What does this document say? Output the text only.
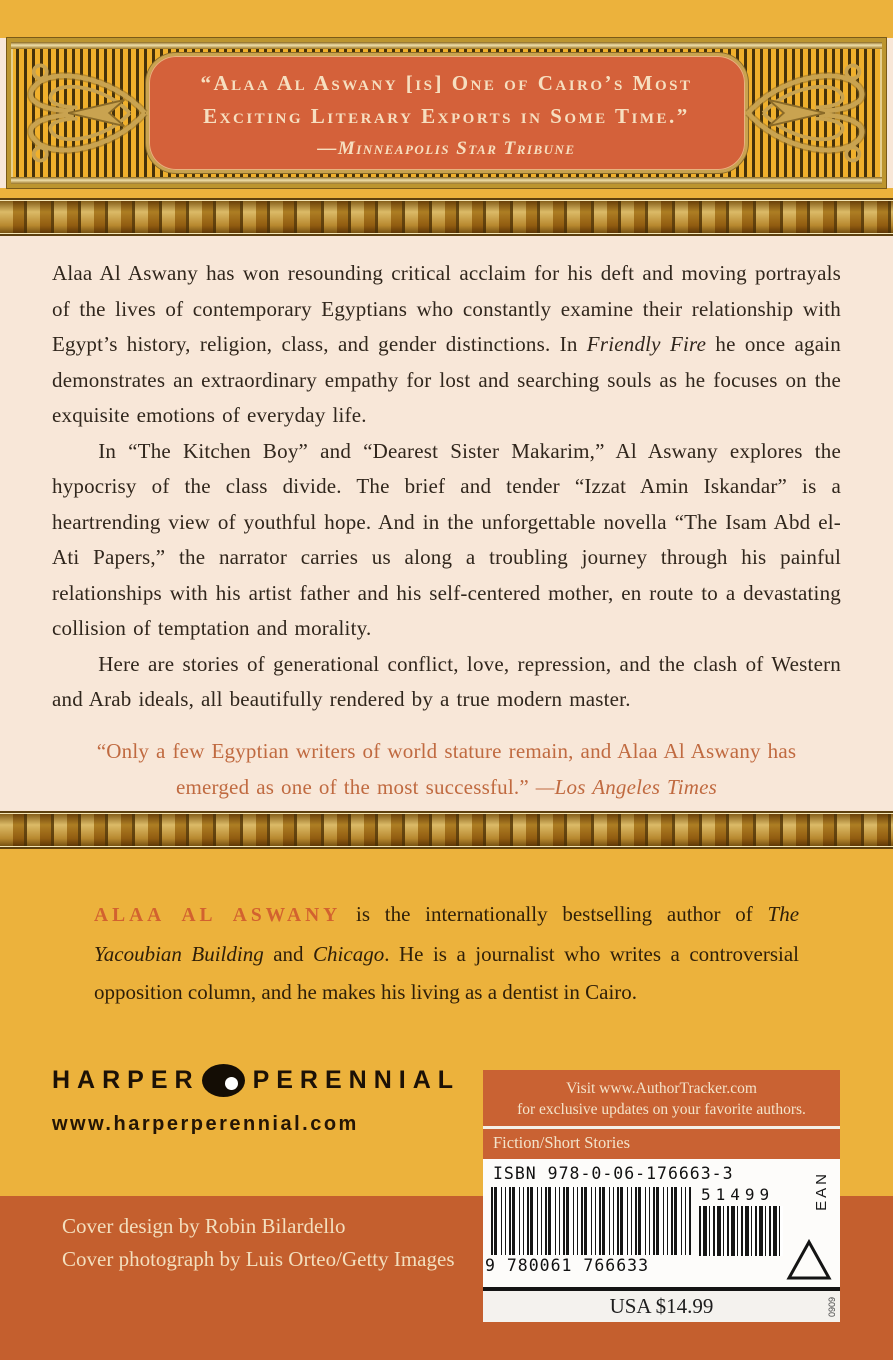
“Alaa Al Aswany [is] One of Cairo’s Most Exciting Literary Exports in Some Time.”
—Minneapolis Star Tribune

Alaa Al Aswany has won resounding critical acclaim for his deft and moving portrayals of the lives of contemporary Egyptians who constantly examine their relationship with Egypt’s history, religion, class, and gender distinctions. In Friendly Fire he once again demonstrates an extraordinary empathy for lost and searching souls as he focuses on the exquisite emotions of everyday life.

In “The Kitchen Boy” and “Dearest Sister Makarim,” Al Aswany explores the hypocrisy of the class divide. The brief and tender “Izzat Amin Iskandar” is a heartrending view of youthful hope. And in the unforgettable novella “The Isam Abd el-Ati Papers,” the narrator carries us along a troubling journey through his painful relationships with his artist father and his self-centered mother, en route to a devastating collision of temptation and morality.

Here are stories of generational conflict, love, repression, and the clash of Western and Arab ideals, all beautifully rendered by a true modern master.

“Only a few Egyptian writers of world stature remain, and Alaa Al Aswany has emerged as one of the most successful.” —Los Angeles Times

ALAA AL ASWANY is the internationally bestselling author of The Yacoubian Building and Chicago. He is a journalist who writes a controversial opposition column, and he makes his living as a dentist in Cairo.

HARPER PERENNIAL
www.harperperennial.com
Cover design by Robin Bilardello
Cover photograph by Luis Orteo/Getty Images
Visit www.AuthorTracker.com
for exclusive updates on your favorite authors.
Fiction/Short Stories
ISBN 978-0-06-176663-3
9 780061 766633
51499	EAN
USA $14.99	0909
